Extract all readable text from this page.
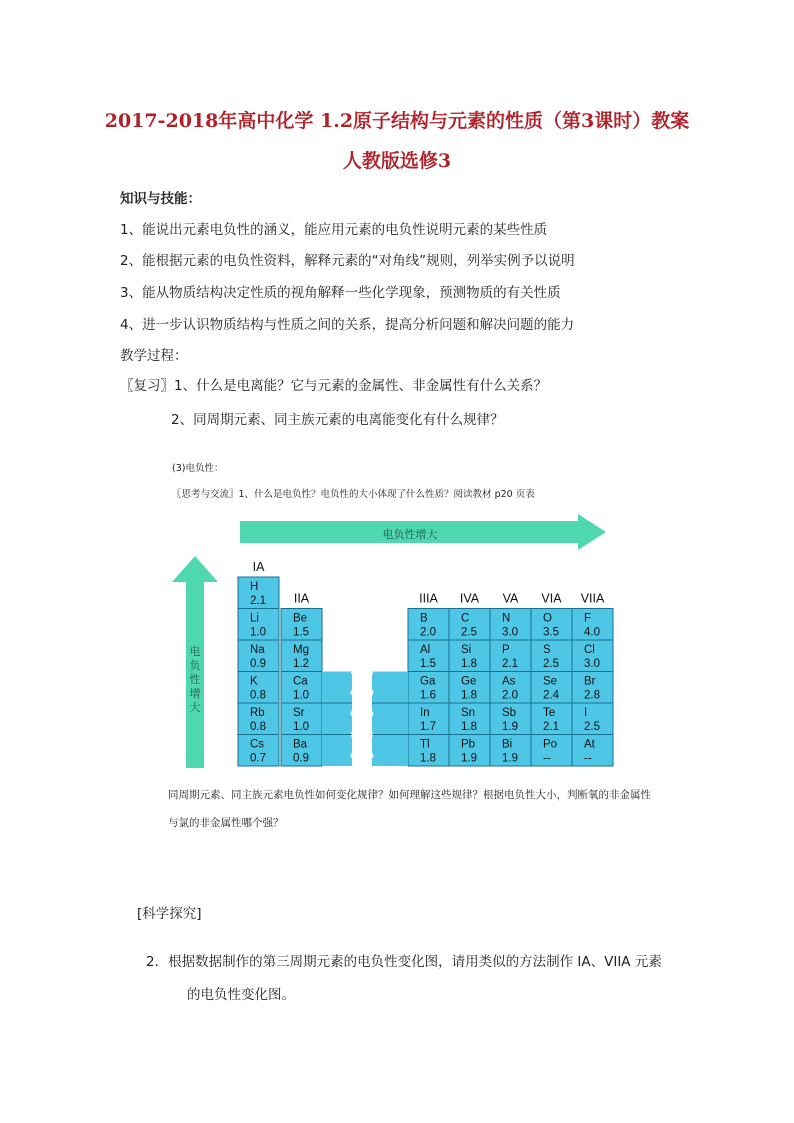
2017-2018年高中化学 1.2原子结构与元素的性质（第3课时）教案
人教版选修3
知识与技能：
1、能说出元素电负性的涵义，能应用元素的电负性说明元素的某些性质
2、能根据元素的电负性资料，解释元素的“对角线”规则，列举实例予以说明
3、能从物质结构决定性质的视角解释一些化学现象，预测物质的有关性质
4、进一步认识物质结构与性质之间的关系，提高分析问题和解决问题的能力
教学过程：
〖复习〗1、什么是电离能？它与元素的金属性、非金属性有什么关系？
2、同周期元素、同主族元素的电离能变化有什么规律？
(3)电负性：
〖思考与交流〗1、什么是电负性？电负性的大小体现了什么性质？阅读教材 p20 页表
电负性增大
电
负
性
增
大
IA
IIA	IIIA IVA VA VIA VIIA
H
2.1
Li
1.0
Na
0.9
K
0.8
Rb
0.8
Cs
0.7
Be
1.5
Mg
1.2
Ca
1.0
Sr
1.0
Ba
0.9
B
2.0
Al
1.5
Ga
1.6
In
1.7
Tl
1.8
C
2.5
Si
1.8
Ge
1.8
Sn
1.8
Pb
1.9
N
3.0
P
2.1
As
2.0
Sb
1.9
Bi
1.9
O
3.5
S
2.5
Se
2.4
Te
2.1
Po
--
F
4.0
Cl
3.0
Br
2.8
I
2.5
At
--
同周期元素、同主族元素电负性如何变化规律？如何理解这些规律？根据电负性大小，判断氧的非金属性
与氯的非金属性哪个强？
[科学探究]
2．根据数据制作的第三周期元素的电负性变化图，请用类似的方法制作 IA、VIIA 元素
的电负性变化图。
